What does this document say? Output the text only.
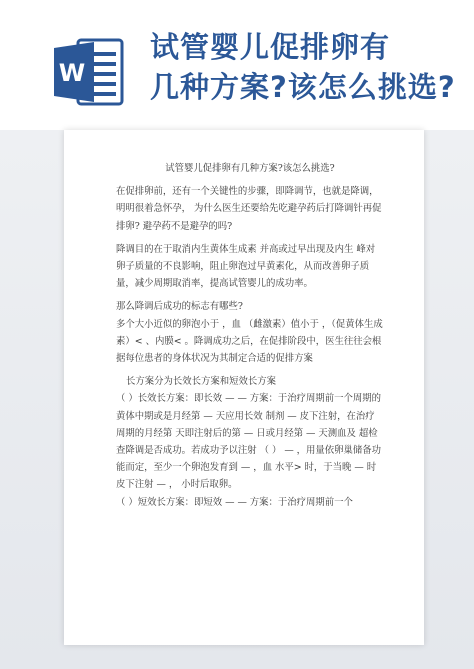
W
试管婴儿促排卵有
几种方案?该怎么挑选?
试管婴儿促排卵有几种方案?该怎么挑选?

在促排卵前，还有一个关键性的步骤，即降调节，也就是降调，明明很着急怀孕， 为什么医生还要给先吃避孕药后打降调针再促排卵? 避孕药不是避孕的吗?

降调目的在于取消内生黄体生成素 并高或过早出现及内生 峰对卵子质量的不良影响，阻止卵泡过早黄素化，从而改善卵子质量，减少周期取消率，提高试管婴儿的成功率。

那么降调后成功的标志有哪些?

多个大小近似的卵泡小于 ，血 （雌激素）值小于 ，（促黄体生成素）< 、内膜< 。降调成功之后，在促排阶段中，医生往往会根据每位患者的身体状况为其制定合适的促排方案

长方案分为长效长方案和短效长方案

（ ）长效长方案：即长效 — — 方案：于治疗周期前一个周期的黄体中期或是月经第 — 天应用长效 制剂 — 皮下注射，在治疗周期的月经第 天即注射后的第 — 日或月经第 — 天测血及 超检查降调是否成功。若成功予以注射 （ ） — ，用量依卵巢储备功能而定，至少一个卵泡发育到 — ，血 水平> 时，于当晚 — 时皮下注射 — ， 小时后取卵。

（ ）短效长方案：即短效 — — 方案：于治疗周期前一个
